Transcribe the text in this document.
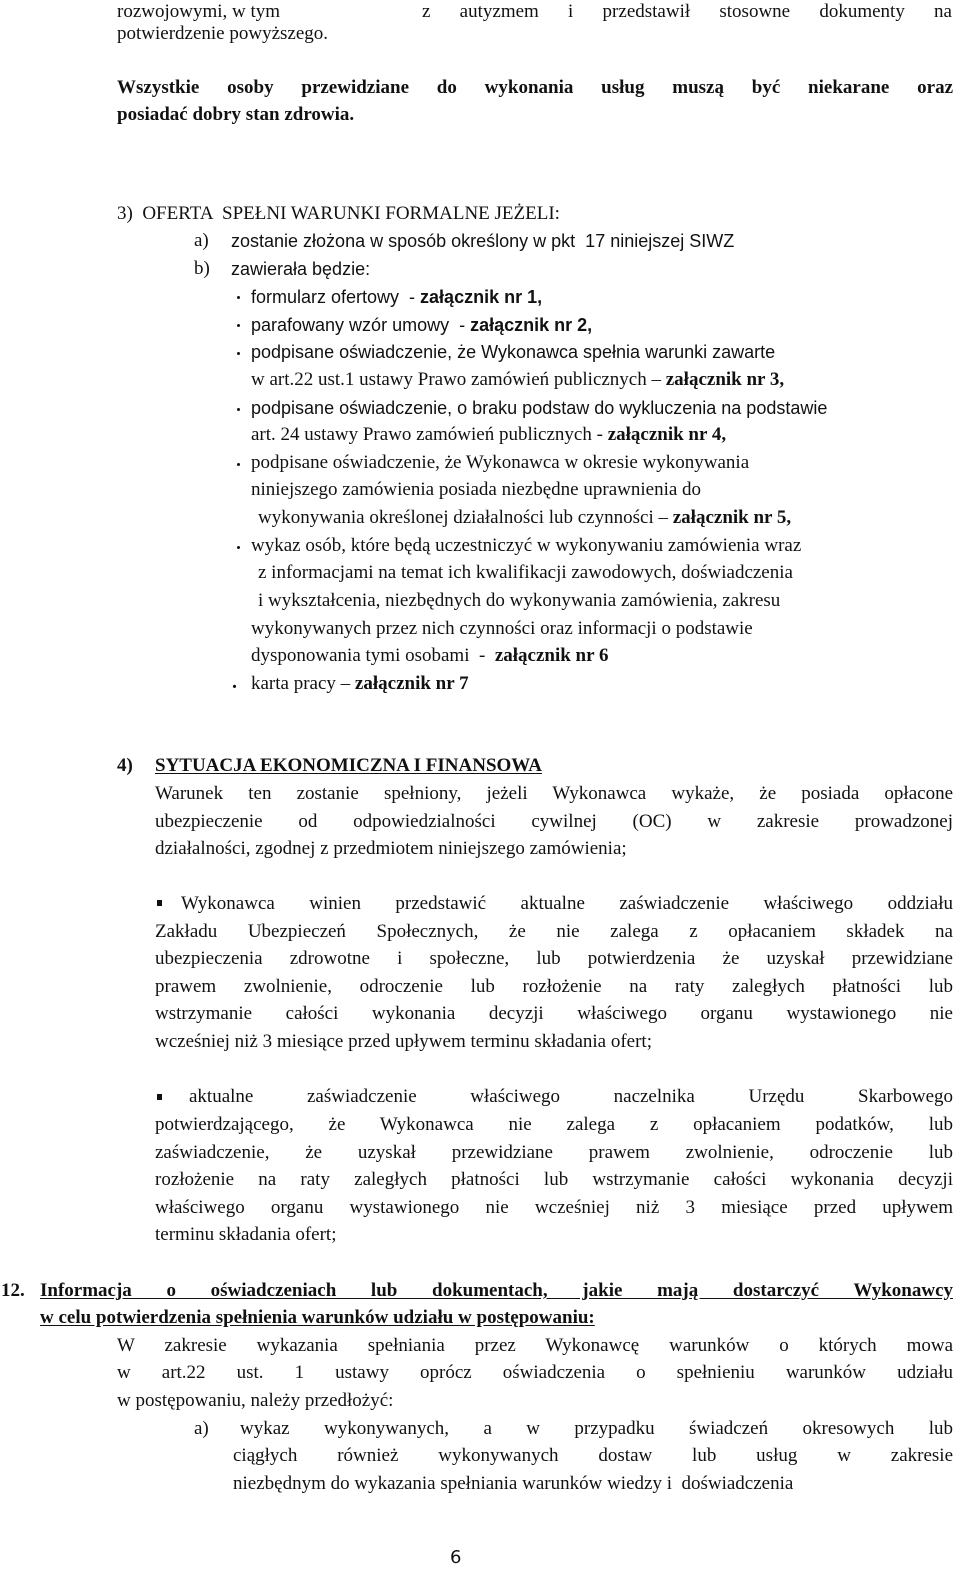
rozwojowymi, w tym	z autyzmem i przedstawił stosowne dokumenty na
potwierdzenie powyższego.
Wszystkie osoby przewidziane do wykonania usług muszą być niekarane oraz
posiadać dobry stan zdrowia.
3)  OFERTA  SPEŁNI WARUNKI FORMALNE JEŻELI:
a) zostanie złożona w sposób określony w pkt  17 niniejszej SIWZ
b) zawierała będzie:
formularz ofertowy  - załącznik nr 1,
parafowany wzór umowy  - załącznik nr 2,
podpisane oświadczenie, że Wykonawca spełnia warunki zawarte
w art.22 ust.1 ustawy Prawo zamówień publicznych – załącznik nr 3,
podpisane oświadczenie, o braku podstaw do wykluczenia na podstawie
art. 24 ustawy Prawo zamówień publicznych - załącznik nr 4,
podpisane oświadczenie, że Wykonawca w okresie wykonywania
niniejszego zamówienia posiada niezbędne uprawnienia do
wykonywania określonej działalności lub czynności – załącznik nr 5,
wykaz osób, które będą uczestniczyć w wykonywaniu zamówienia wraz
z informacjami na temat ich kwalifikacji zawodowych, doświadczenia
i wykształcenia, niezbędnych do wykonywania zamówienia, zakresu
wykonywanych przez nich czynności oraz informacji o podstawie
dysponowania tymi osobami  -  załącznik nr 6
. karta pracy – załącznik nr 7
4) SYTUACJA EKONOMICZNA I FINANSOWA
Warunek ten zostanie spełniony, jeżeli Wykonawca wykaże, że posiada opłacone
ubezpieczenie od odpowiedzialności cywilnej (OC) w zakresie prowadzonej
działalności, zgodnej z przedmiotem niniejszego zamówienia;
Wykonawca winien przedstawić aktualne zaświadczenie właściwego oddziału
Zakładu Ubezpieczeń Społecznych, że nie zalega z opłacaniem składek na
ubezpieczenia zdrowotne i społeczne, lub potwierdzenia że uzyskał przewidziane
prawem zwolnienie, odroczenie lub rozłożenie na raty zaległych płatności lub
wstrzymanie całości wykonania decyzji właściwego organu wystawionego nie
wcześniej niż 3 miesiące przed upływem terminu składania ofert;
aktualne zaświadczenie właściwego naczelnika Urzędu Skarbowego
potwierdzającego, że Wykonawca nie zalega z opłacaniem podatków, lub
zaświadczenie, że uzyskał przewidziane prawem zwolnienie, odroczenie lub
rozłożenie na raty zaległych płatności lub wstrzymanie całości wykonania decyzji
właściwego organu wystawionego nie wcześniej niż 3 miesiące przed upływem
terminu składania ofert;
12. Informacja o oświadczeniach lub dokumentach, jakie mają dostarczyć Wykonawcy
w celu potwierdzenia spełnienia warunków udziału w postępowaniu:
W zakresie wykazania spełniania przez Wykonawcę warunków o których mowa
w art.22 ust. 1 ustawy oprócz oświadczenia o spełnieniu warunków udziału
w postępowaniu, należy przedłożyć:
a) wykaz wykonywanych, a w przypadku świadczeń okresowych lub
ciągłych również wykonywanych dostaw lub usług w zakresie
niezbędnym do wykazania spełniania warunków wiedzy i  doświadczenia
6
